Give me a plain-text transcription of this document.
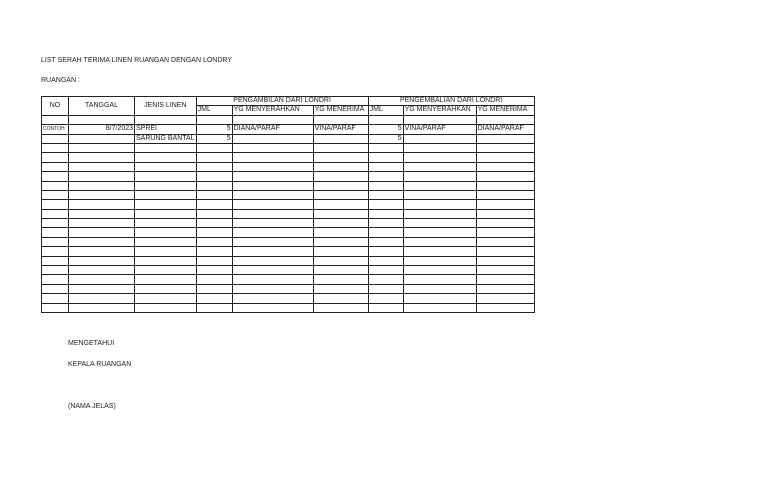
LIST SERAH TERIMA LINEN RUANGAN DENGAN LONDRY
RUANGAN :
NO	TANGGAL	JENIS LINEN	PENGAMBILAN DARI LONDRI			PENGEMBALIAN DARI LONDRI		
			JML	YG MENYERAHKAN	YG MENERIMA	JML	YG MENYERAHKAN	YG MENERIMA

CONTOH	8/7/2023	SPREI	5	DIANA/PARAF	VINA/PARAF	5	VINA/PARAF	DIANA/PARAF
		SARUNG BANTAL	5			5		

MENGETAHUI
KEPALA RUANGAN
(NAMA JELAS)
